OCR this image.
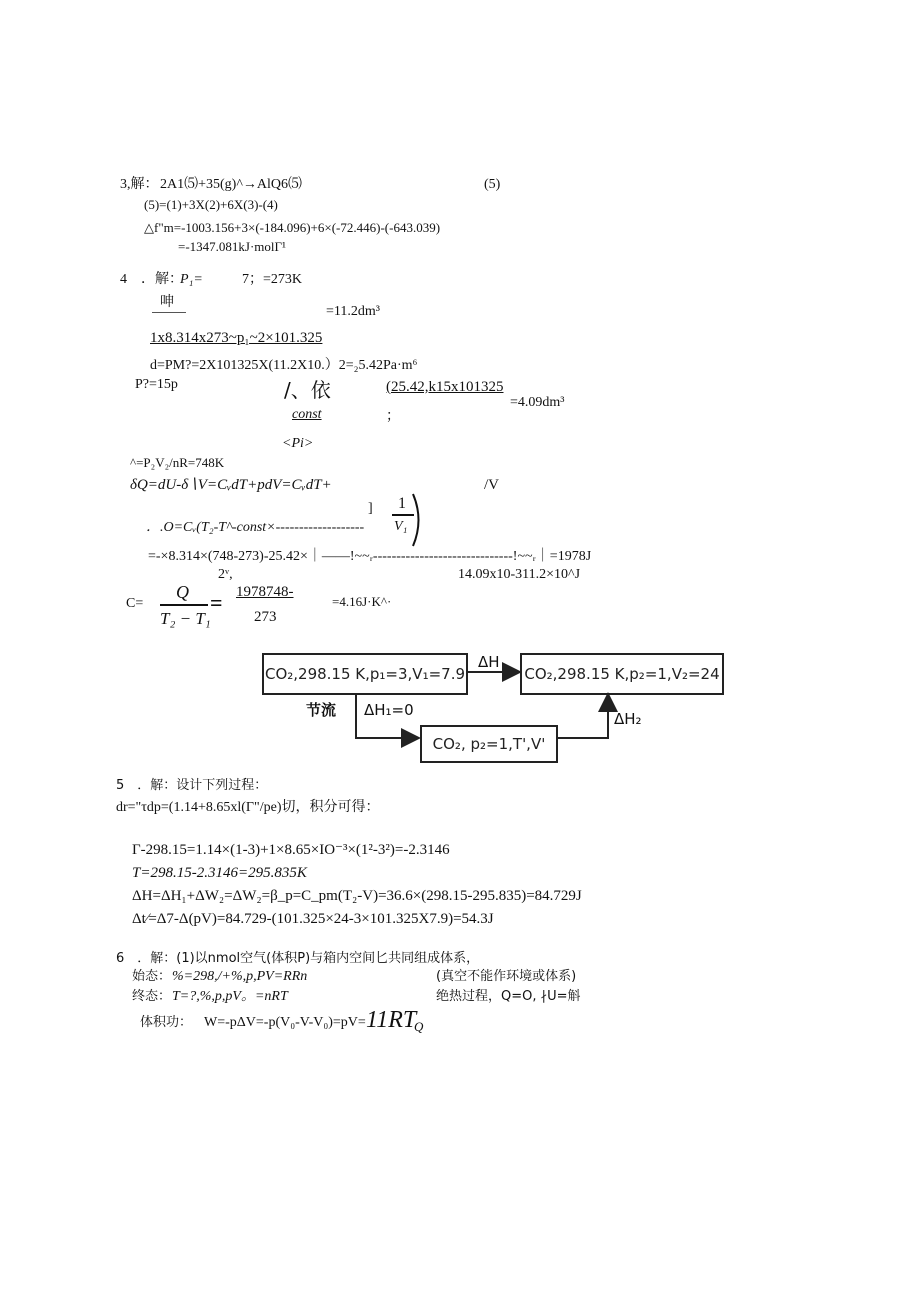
3,解： 2A1⑸+35(g)^→AlQ6⑸	(5)
(5)=(1)+3X(2)+6X(3)-(4)
△f"m=-1003.156+3×(-184.096)+6×(-72.446)-(-643.039)
=-1347.081kJ·molΓ¹
4　．解：
P₁=	7；=273K
呻
=11.2dm³
1x8.314x273~p₁~2×101.325
d=PM?=2X101325X(11.2X10.）2=₂5.42Pa·m⁶
P?=15p	/、依	(25.42,k15x101325
const	；
=4.09dm³
<Pi>
^=P₂V₂/nR=748K
δQ=dU-δ∖V=CᵥdT+pdV=CᵥdT+	/V
] 1
V₁
．.O=Cᵥ(T₂-T^-const×-------------------
=-×8.314×(748-273)-25.42×｜——!~~ᵣ------------------------------!~~ᵣ｜=1978J
2ᵛ,	14.09x10-311.2×10^J
C=
Q
T₂ − T₁
= 1978748-
273
=4.16J·K^·
CO₂,298.15 K,p₁=3,V₁=7.9	CO₂,298.15 K,p₂=1,V₂=24
CO₂, p₂=1,T',V'
ΔH
ΔH₁=0	ΔH₂
节流
5　．解：设计下列过程：
dr="τdp=(1.14+8.65xl(Γ"/pe)切，积分可得：
Γ-298.15=1.14×(1-3)+1×8.65×IO⁻³×(1²-3²)=-2.3146
T=298.15-2.3146=295.835K
ΔH=ΔH₁+ΔW₂=ΔW₂=β_p=C_pm(T₂-V)=36.6×(298.15-295.835)=84.729J
Δt⁄=Δ7-Δ(pV)=84.729-(101.325×24-3×101.325X7.9)=54.3J
6　．解：(1)以nmol空气(体积P)与箱内空间匕共同组成体系，
始态： %=298,/+%,p,PV=RRn	(真空不能作环境或体系)
终态： T=?,%,p,pV。=nRT	绝热过程，Q=O, ∤U=斛
体积功： W=-pΔV=-p(V₀-V-V₀)=pV= 11RT
Q
